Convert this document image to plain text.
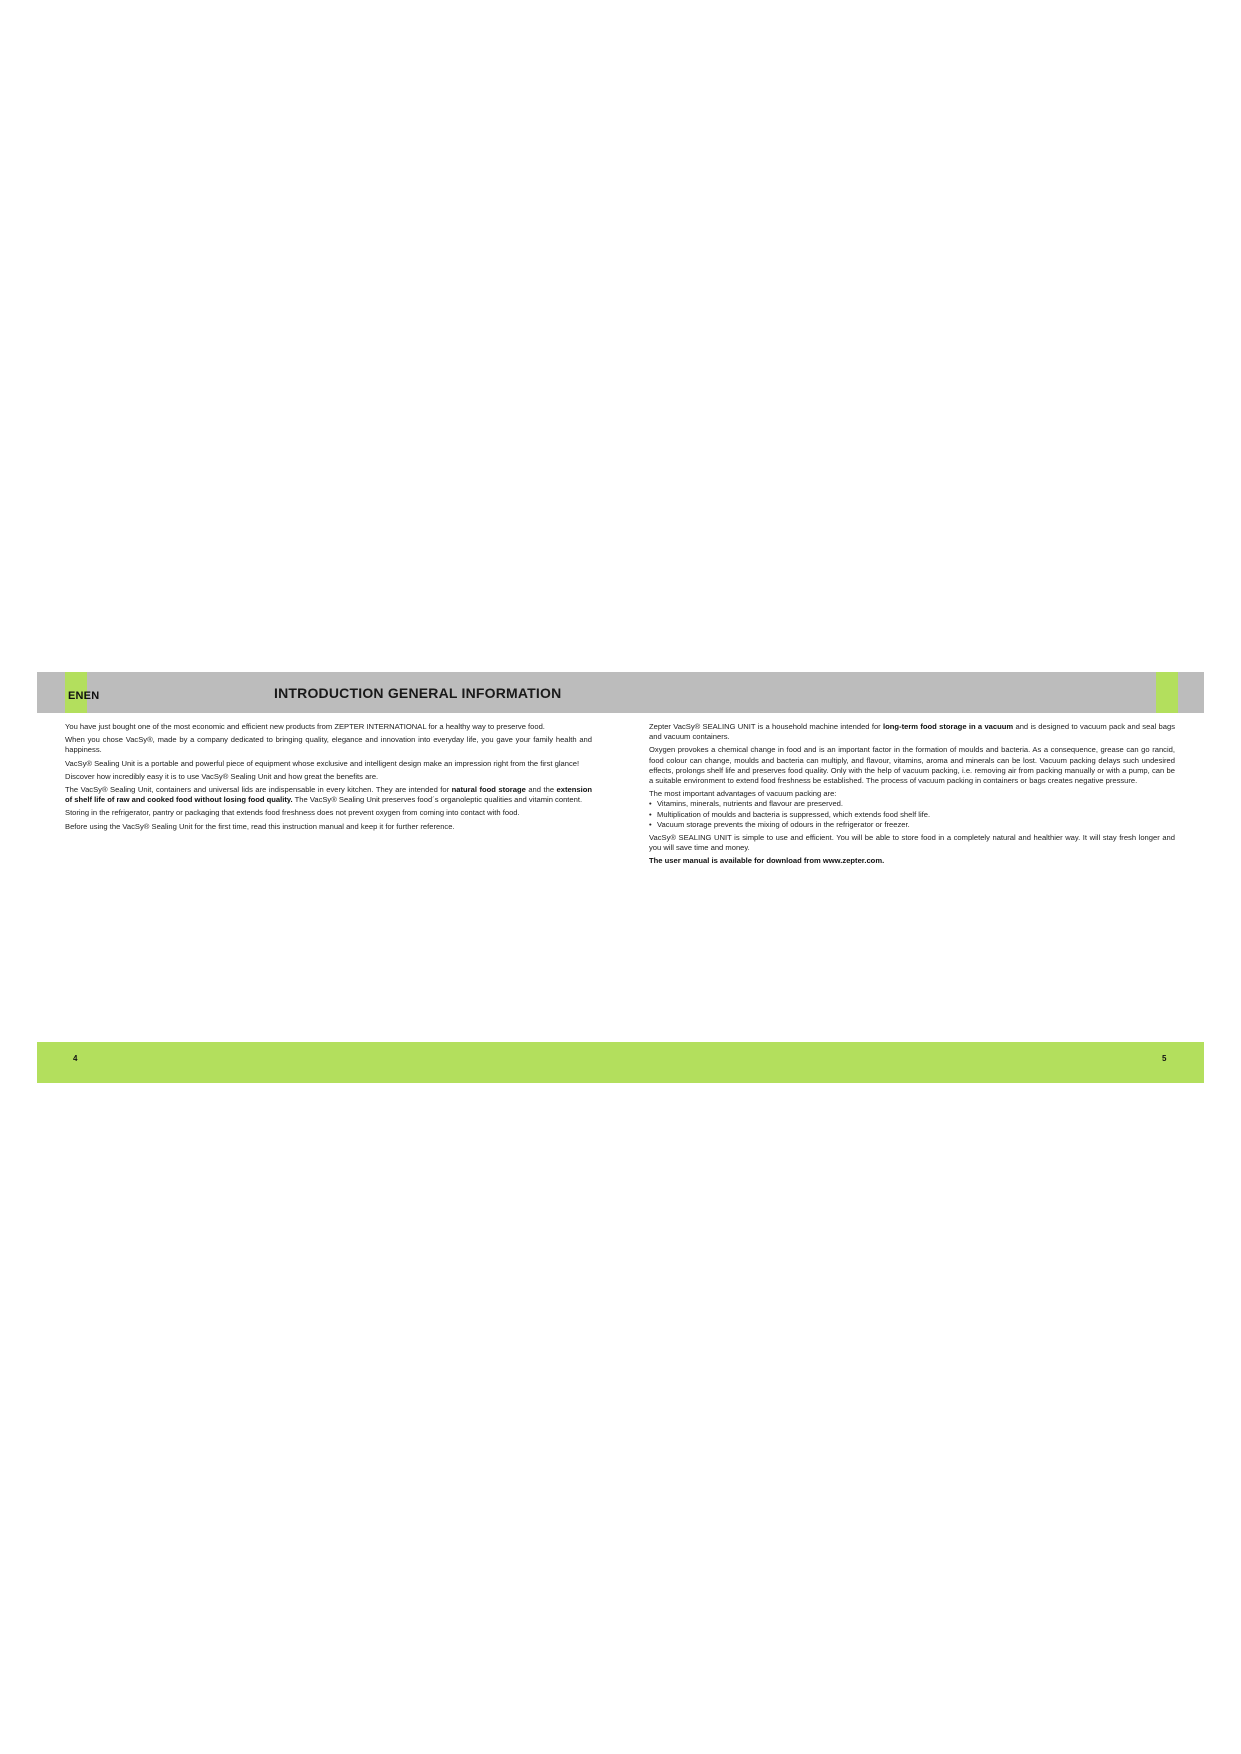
ENEN	INTRODUCTION GENERAL INFORMATION

You have just bought one of the most economic and efficient new products from ZEPTER INTERNATIONAL for a healthy way to preserve food.

When you chose VacSy®, made by a company dedicated to bringing quality, elegance and innovation into everyday life, you gave your family health and happiness.

VacSy® Sealing Unit is a portable and powerful piece of equipment whose exclusive and intelligent design make an impression right from the first glance!

Discover how incredibly easy it is to use VacSy® Sealing Unit and how great the benefits are.

The VacSy® Sealing Unit, containers and universal lids are indispensable in every kitchen. They are intended for natural food storage and the extension of shelf life of raw and cooked food without losing food quality. The VacSy® Sealing Unit preserves food´s organoleptic qualities and vitamin content.

Storing in the refrigerator, pantry or packaging that extends food freshness does not prevent oxygen from coming into contact with food.

Before using the VacSy® Sealing Unit for the first time, read this instruction manual and keep it for further reference.

Zepter VacSy® SEALING UNIT is a household machine intended for long-term food storage in a vacuum and is designed to vacuum pack and seal bags and vacuum containers.

Oxygen provokes a chemical change in food and is an important factor in the formation of moulds and bacteria. As a consequence, grease can go rancid, food colour can change, moulds and bacteria can multiply, and flavour, vitamins, aroma and minerals can be lost. Vacuum packing delays such undesired effects, prolongs shelf life and preserves food quality. Only with the help of vacuum packing, i.e. removing air from packing manually or with a pump, can be a suitable environment to extend food freshness be established. The process of vacuum packing in containers or bags creates negative pressure.

The most important advantages of vacuum packing are:

• Vitamins, minerals, nutrients and flavour are preserved.
• Multiplication of moulds and bacteria is suppressed, which extends food shelf life.
• Vacuum storage prevents the mixing of odours in the refrigerator or freezer.

VacSy® SEALING UNIT is simple to use and efficient. You will be able to store food in a completely natural and healthier way. It will stay fresh longer and you will save time and money.

The user manual is available for download from www.zepter.com.

4	5
